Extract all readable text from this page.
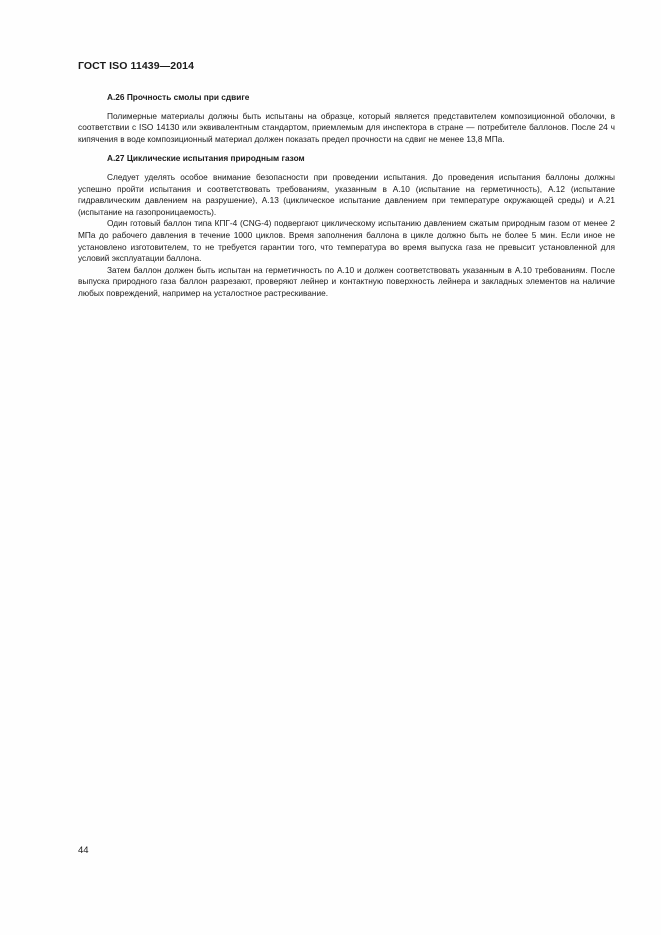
ГОСТ ISO 11439—2014

А.26 Прочность смолы при сдвиге

Полимерные материалы должны быть испытаны на образце, который является представителем композиционной оболочки, в соответствии с ISO 14130 или эквивалентным стандартом, приемлемым для инспектора в стране — потребителе баллонов. После 24 ч кипячения в воде композиционный материал должен показать предел прочности на сдвиг не менее 13,8 МПа.

А.27 Циклические испытания природным газом

Следует уделять особое внимание безопасности при проведении испытания. До проведения испытания баллоны должны успешно пройти испытания и соответствовать требованиям, указанным в А.10 (испытание на герметичность), А.12 (испытание гидравлическим давлением на разрушение), А.13 (циклическое испытание давлением при температуре окружающей среды) и А.21 (испытание на газопроницаемость).

Один готовый баллон типа КПГ-4 (CNG-4) подвергают циклическому испытанию давлением сжатым природным газом от менее 2 МПа до рабочего давления в течение 1000 циклов. Время заполнения баллона в цикле должно быть не более 5 мин. Если иное не установлено изготовителем, то не требуется гарантии того, что температура во время выпуска газа не превысит установленной для условий эксплуатации баллона.

Затем баллон должен быть испытан на герметичность по А.10 и должен соответствовать указанным в А.10 требованиям. После выпуска природного газа баллон разрезают, проверяют лейнер и контактную поверхность лейнера и закладных элементов на наличие любых повреждений, например на усталостное растрескивание.

44
